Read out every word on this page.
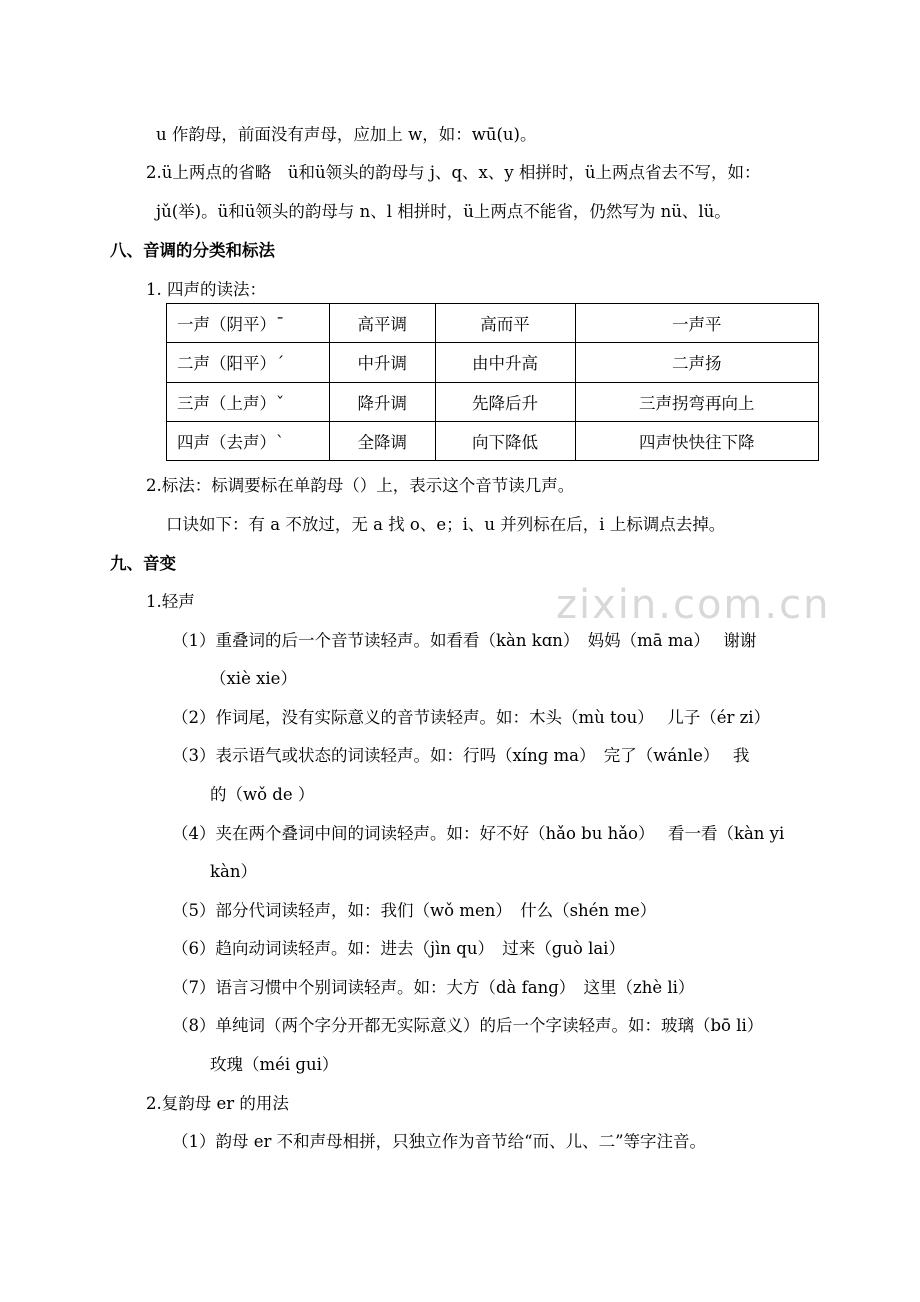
u 作韵母，前面没有声母，应加上 w，如：wū(u)。
2.ü上两点的省略　ü和ü领头的韵母与 j、q、x、y 相拼时，ü上两点省去不写，如：
jǔ(举)。ü和ü领头的韵母与 n、l 相拼时，ü上两点不能省，仍然写为 nü、lü。
八、音调的分类和标法
1. 四声的读法：
一声（阴平）ˉ	高平调	高而平	一声平
二声（阳平）ˊ	中升调	由中升高	二声扬
三声（上声）ˇ	降升调	先降后升	三声拐弯再向上
四声（去声）ˋ	全降调	向下降低	四声快快往下降
2.标法：标调要标在单韵母（）上，表示这个音节读几声。
口诀如下：有 a 不放过，无 a 找 o、e；i、u 并列标在后，i 上标调点去掉。
九、音变
1.轻声	zixin.com.cn
（1）重叠词的后一个音节读轻声。如看看（kàn kɑn）　妈妈（mā ma）　 谢谢
（xiè xie）
（2）作词尾，没有实际意义的音节读轻声。如：木头（mù tou）　 儿子（ér zi）
（3）表示语气或状态的词读轻声。如：行吗（xínɡ ma）　完了（wánle）　 我
的（wǒ de ）
（4）夹在两个叠词中间的词读轻声。如：好不好（hǎo bu hǎo）　 看一看（kàn yi
kàn）
（5）部分代词读轻声，如：我们（wǒ men）　什么（shén me）
（6）趋向动词读轻声。如：进去（jìn qu）　过来（ɡuò lai）
（7）语言习惯中个别词读轻声。如：大方（dà fanɡ）　这里（zhè li）
（8）单纯词（两个字分开都无实际意义）的后一个字读轻声。如：玻璃（bō li）
玫瑰（méi ɡui）
2.复韵母 er 的用法
（1）韵母 er 不和声母相拼，只独立作为音节给“而、儿、二”等字注音。
